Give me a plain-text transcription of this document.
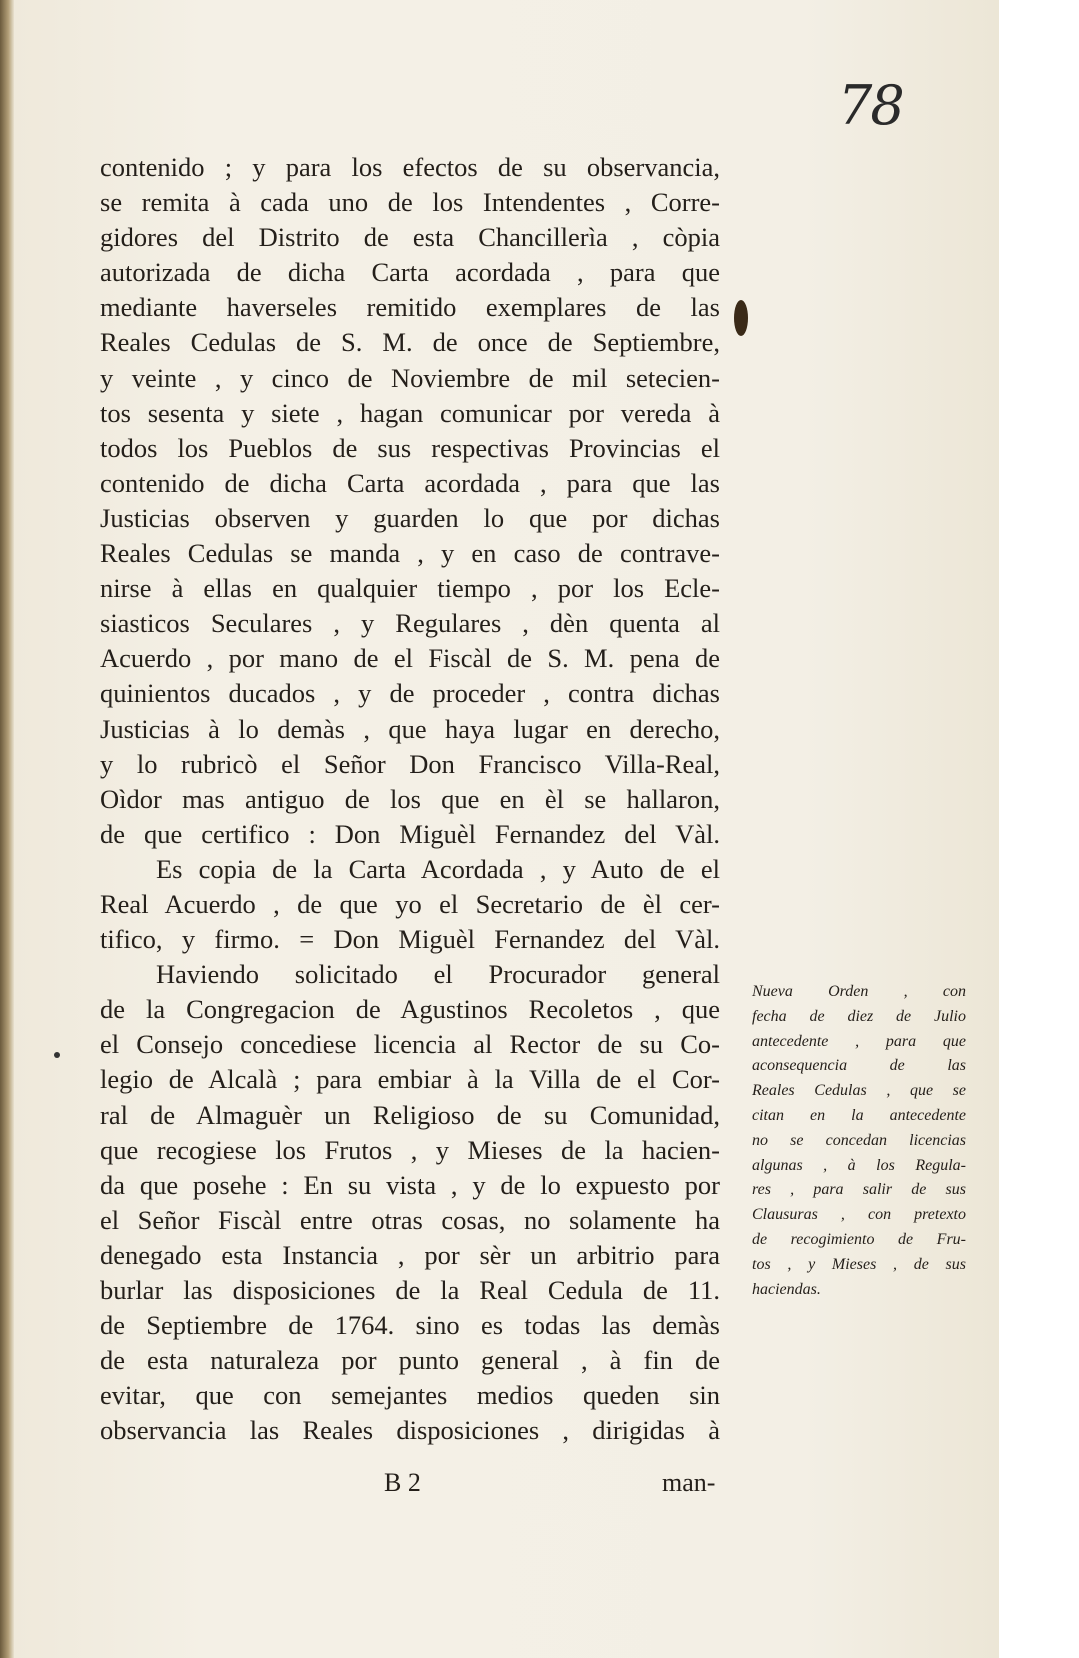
78
contenido ; y para los efectos de su observancia,
se remita à cada uno de los Intendentes , Corre-
gidores del Distrito de esta Chancillerìa , còpia
autorizada de dicha Carta acordada , para que
mediante haverseles remitido exemplares de las
Reales Cedulas de S. M. de once de Septiembre,
y veinte , y cinco de Noviembre de mil setecien-
tos sesenta y siete , hagan comunicar por vereda à
todos los Pueblos de sus respectivas Provincias el
contenido de dicha Carta acordada , para que las
Justicias observen y guarden lo que por dichas
Reales Cedulas se manda , y en caso de contrave-
nirse à ellas en qualquier tiempo , por los Ecle-
siasticos Seculares , y Regulares , dèn quenta al
Acuerdo , por mano de el Fiscàl de S. M. pena de
quinientos ducados , y de proceder , contra dichas
Justicias à lo demàs , que haya lugar en derecho,
y lo rubricò el Señor Don Francisco Villa-Real,
Oìdor mas antiguo de los que en èl se hallaron,
de que certifico : Don Miguèl Fernandez del Vàl.
Es copia de la Carta Acordada , y Auto de el
Real Acuerdo , de que yo el Secretario de èl cer-
tifico, y firmo. = Don Miguèl Fernandez del Vàl.
Haviendo solicitado el Procurador general
de la Congregacion de Agustinos Recoletos , que
el Consejo concediese licencia al Rector de su Co-
legio de Alcalà ; para embiar à la Villa de el Cor-
ral de Almaguèr un Religioso de su Comunidad,
que recogiese los Frutos , y Mieses de la hacien-
da que posehe : En su vista , y de lo expuesto por
el Señor Fiscàl entre otras cosas, no solamente ha
denegado esta Instancia , por sèr un arbitrio para
burlar las disposiciones de la Real Cedula de 11.
de Septiembre de 1764. sino es todas las demàs
de esta naturaleza por punto general , à fin de
evitar, que con semejantes medios queden sin
observancia las Reales disposiciones , dirigidas à
Nueva Orden , con
fecha de diez de Julio
antecedente , para que
aconsequencia de las
Reales Cedulas , que se
citan en la antecedente
no se concedan licencias
algunas , à los Regula-
res , para salir de sus
Clausuras , con pretexto
de recogimiento de Fru-
tos , y Mieses , de sus
haciendas.
B 2	man-
